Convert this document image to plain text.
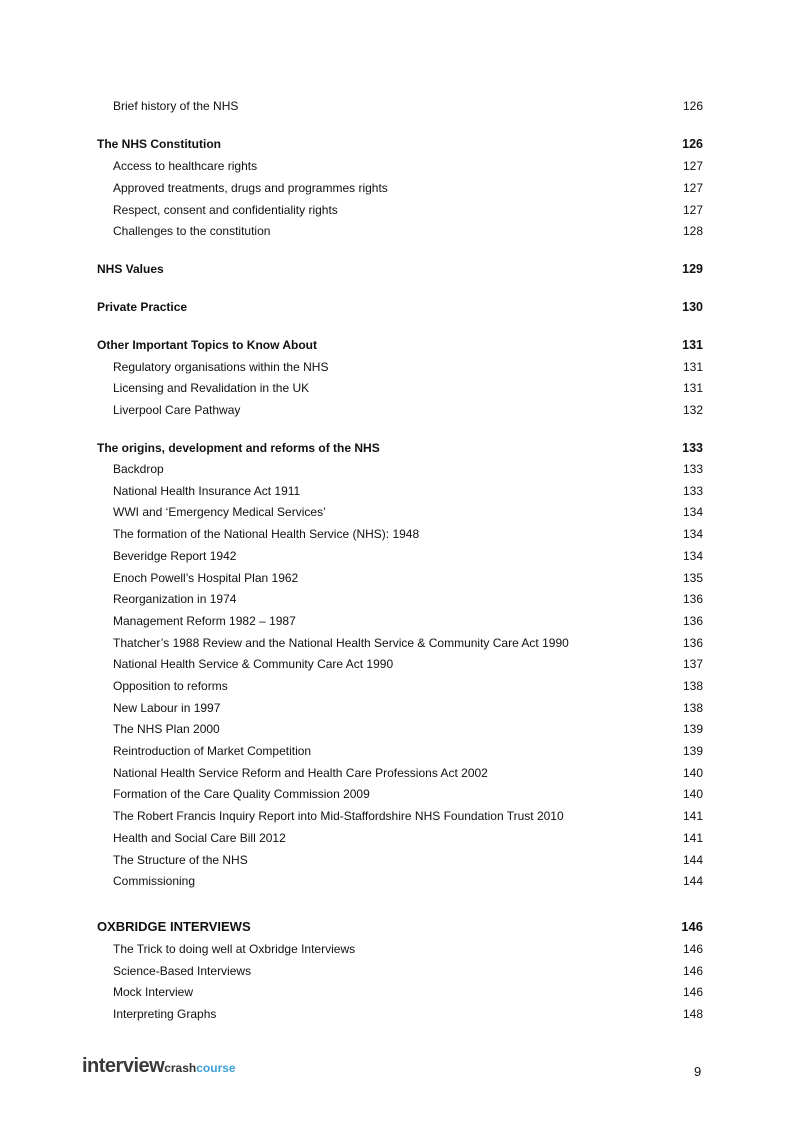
Brief history of the NHS	126
The NHS Constitution	126
Access to healthcare rights	127
Approved treatments, drugs and programmes rights	127
Respect, consent and confidentiality rights	127
Challenges to the constitution	128
NHS Values	129
Private Practice	130
Other Important Topics to Know About	131
Regulatory organisations within the NHS	131
Licensing and Revalidation in the UK	131
Liverpool Care Pathway	132
The origins, development and reforms of the NHS	133
Backdrop	133
National Health Insurance Act 1911	133
WWI and ‘Emergency Medical Services’	134
The formation of the National Health Service (NHS): 1948	134
Beveridge Report 1942	134
Enoch Powell’s Hospital Plan 1962	135
Reorganization in 1974	136
Management Reform 1982 – 1987	136
Thatcher’s 1988 Review and the National Health Service & Community Care Act 1990	136
National Health Service & Community Care Act 1990	137
Opposition to reforms	138
New Labour in 1997	138
The NHS Plan 2000	139
Reintroduction of Market Competition	139
National Health Service Reform and Health Care Professions Act 2002	140
Formation of the Care Quality Commission 2009	140
The Robert Francis Inquiry Report into Mid-Staffordshire NHS Foundation Trust 2010	141
Health and Social Care Bill 2012	141
The Structure of the NHS	144
Commissioning	144
OXBRIDGE INTERVIEWS	146
The Trick to doing well at Oxbridge Interviews	146
Science-Based Interviews	146
Mock Interview	146
Interpreting Graphs	148
interview crash course	9
